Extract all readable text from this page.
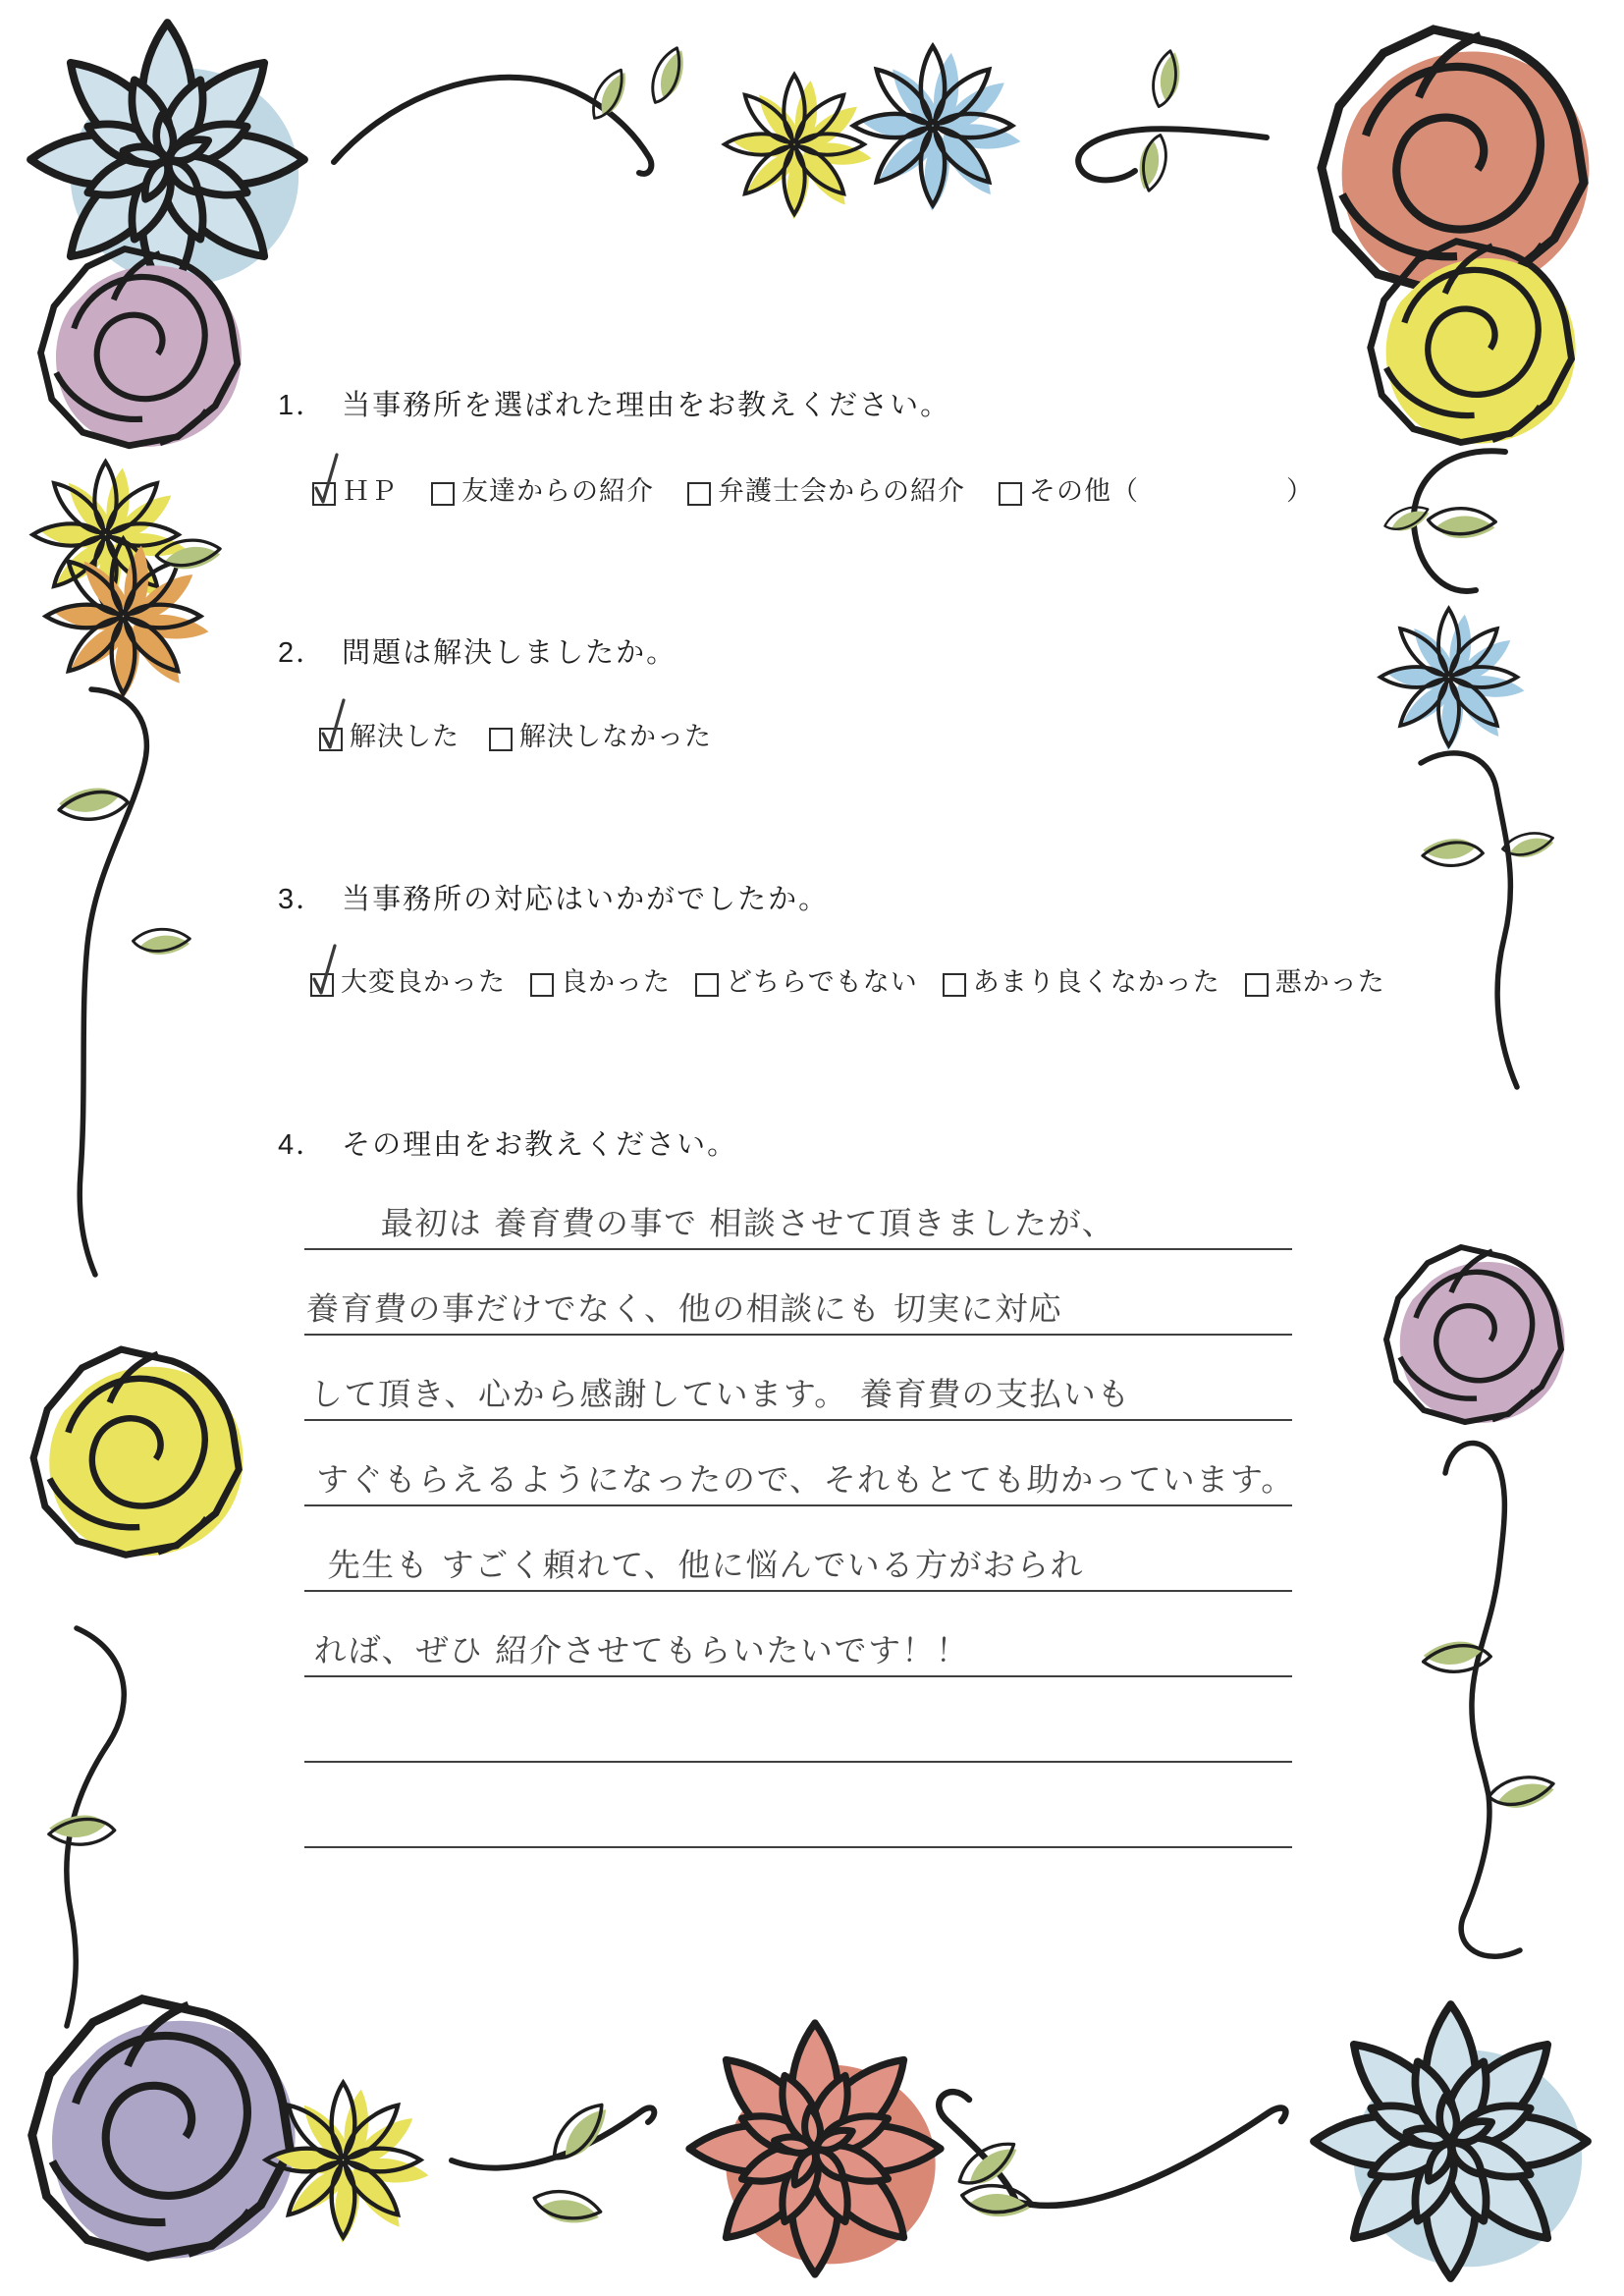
1． 当事務所を選ばれた理由をお教えください。
ＨＰ 友達からの紹介 弁護士会からの紹介 その他 （	）
2． 問題は解決しましたか。
解決した 解決しなかった
3． 当事務所の対応はいかがでしたか。
大変良かった 良かった どちらでもない あまり良くなかった 悪かった
4． その理由をお教えください。
最初は 養育費の事で 相談させて頂きましたが、
養育費の事だけでなく、他の相談にも 切実に対応
して頂き、心から感謝しています。 養育費の支払いも
すぐもらえるようになったので、それもとても助かっています。
先生も すごく頼れて、他に悩んでいる方がおられ
れば、ぜひ 紹介させてもらいたいです！！
